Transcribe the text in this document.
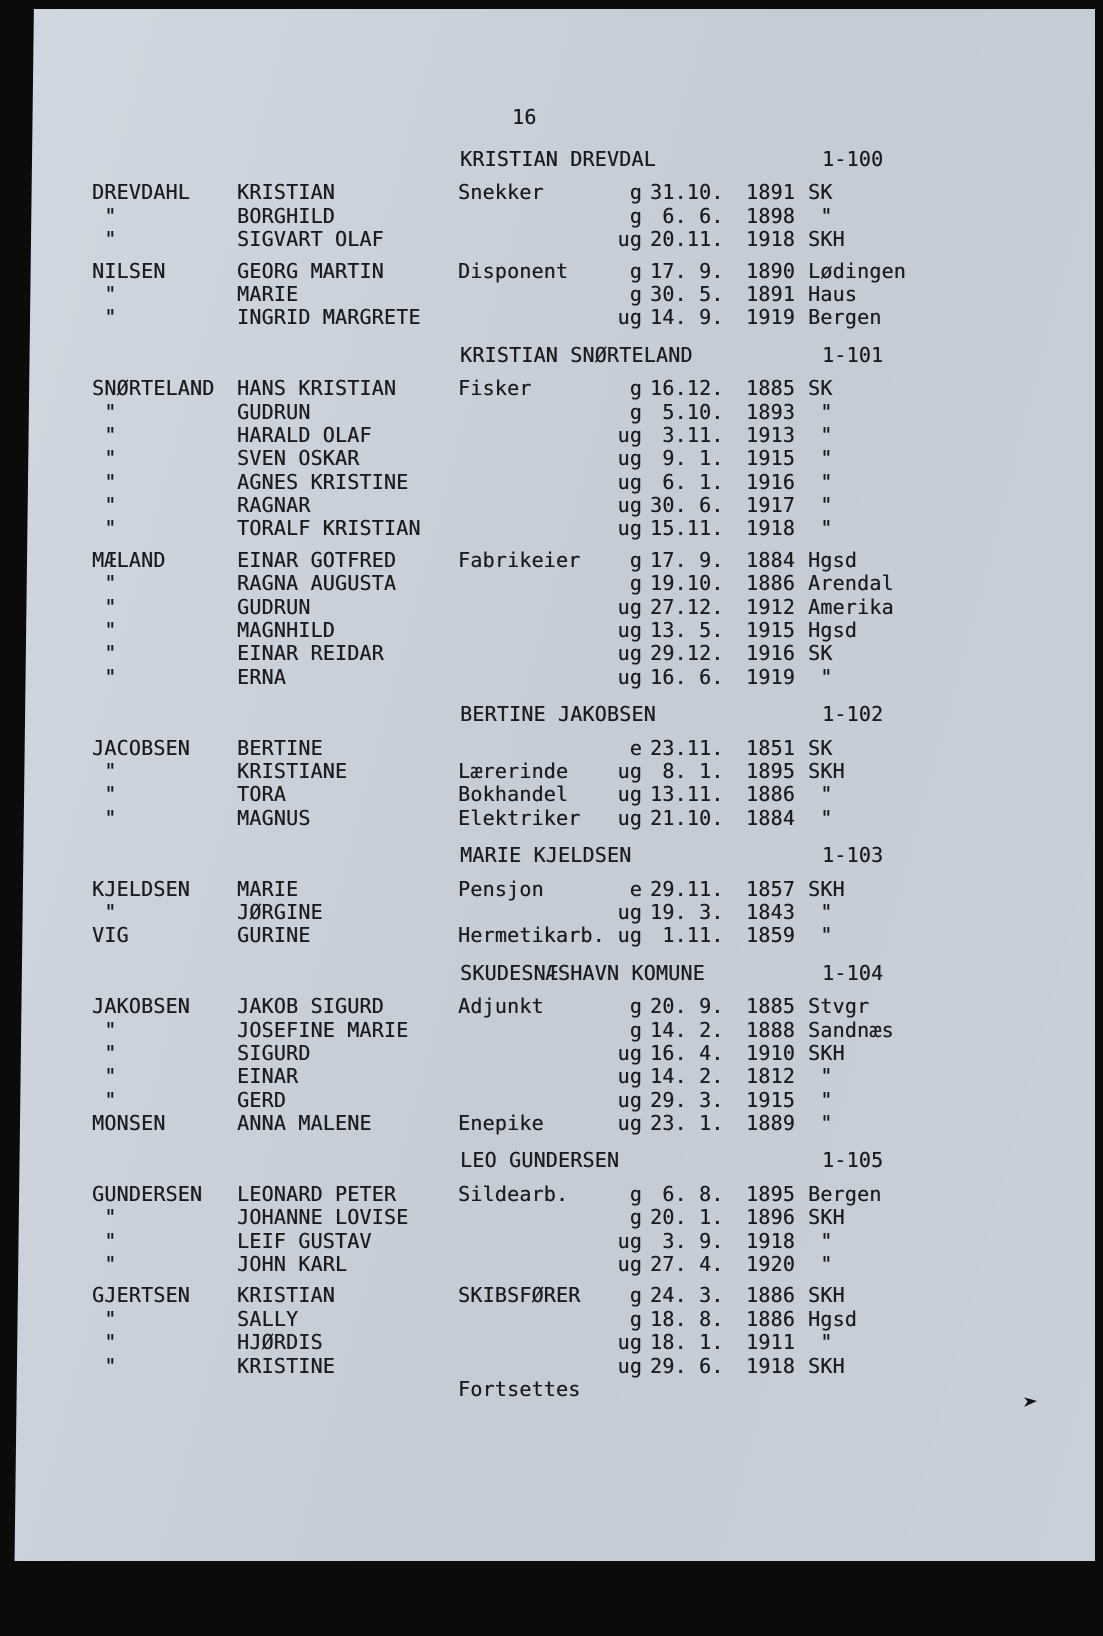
16
KRISTIAN DREVDAL	1-100
DREVDAHL	KRISTIAN	Snekker	g 31.10.	1891 SK
"	BORGHILD	g 6. 6.	1898 "
"	SIGVART OLAF	ug 20.11.	1918 SKH
NILSEN	GEORG MARTIN	Disponent	g 17. 9.	1890 Lødingen
"	MARIE	g 30. 5.	1891 Haus
"	INGRID MARGRETE	ug 14. 9.	1919 Bergen
KRISTIAN SNØRTELAND	1-101
SNØRTELAND	HANS KRISTIAN	Fisker	g 16.12.	1885 SK
"	GUDRUN	g 5.10.	1893 "
"	HARALD OLAF	ug 3.11.	1913 "
"	SVEN OSKAR	ug 9. 1.	1915 "
"	AGNES KRISTINE	ug 6. 1.	1916 "
"	RAGNAR	ug 30. 6.	1917 "
"	TORALF KRISTIAN	ug 15.11.	1918 "
MÆLAND	EINAR GOTFRED	Fabrikeier	g 17. 9.	1884 Hgsd
"	RAGNA AUGUSTA	g 19.10.	1886 Arendal
"	GUDRUN	ug 27.12.	1912 Amerika
"	MAGNHILD	ug 13. 5.	1915 Hgsd
"	EINAR REIDAR	ug 29.12.	1916 SK
"	ERNA	ug 16. 6.	1919 "
BERTINE JAKOBSEN	1-102
JACOBSEN	BERTINE	e 23.11.	1851 SK
"	KRISTIANE	Lærerinde	ug 8. 1.	1895 SKH
"	TORA	Bokhandel	ug 13.11.	1886 "
"	MAGNUS	Elektriker	ug 21.10.	1884 "
MARIE KJELDSEN	1-103
KJELDSEN	MARIE	Pensjon	e 29.11.	1857 SKH
"	JØRGINE	ug 19. 3.	1843 "
VIG	GURINE	Hermetikarb. ug 1.11.	1859 "
SKUDESNÆSHAVN KOMUNE	1-104
JAKOBSEN	JAKOB SIGURD	Adjunkt	g 20. 9.	1885 Stvgr
"	JOSEFINE MARIE	g 14. 2.	1888 Sandnæs
"	SIGURD	ug 16. 4.	1910 SKH
"	EINAR	ug 14. 2.	1812 "
"	GERD	ug 29. 3.	1915 "
MONSEN	ANNA MALENE	Enepike	ug 23. 1.	1889 "
LEO GUNDERSEN	1-105
GUNDERSEN	LEONARD PETER	Sildearb.	g 6. 8.	1895 Bergen
"	JOHANNE LOVISE	g 20. 1.	1896 SKH
"	LEIF GUSTAV	ug 3. 9.	1918 "
"	JOHN KARL	ug 27. 4.	1920 "
GJERTSEN	KRISTIAN	SKIBSFØRER	g 24. 3.	1886 SKH
"	SALLY	g 18. 8.	1886 Hgsd
"	HJØRDIS	ug 18. 1.	1911 "
"	KRISTINE	ug 29. 6.	1918 SKH
Fortsettes
